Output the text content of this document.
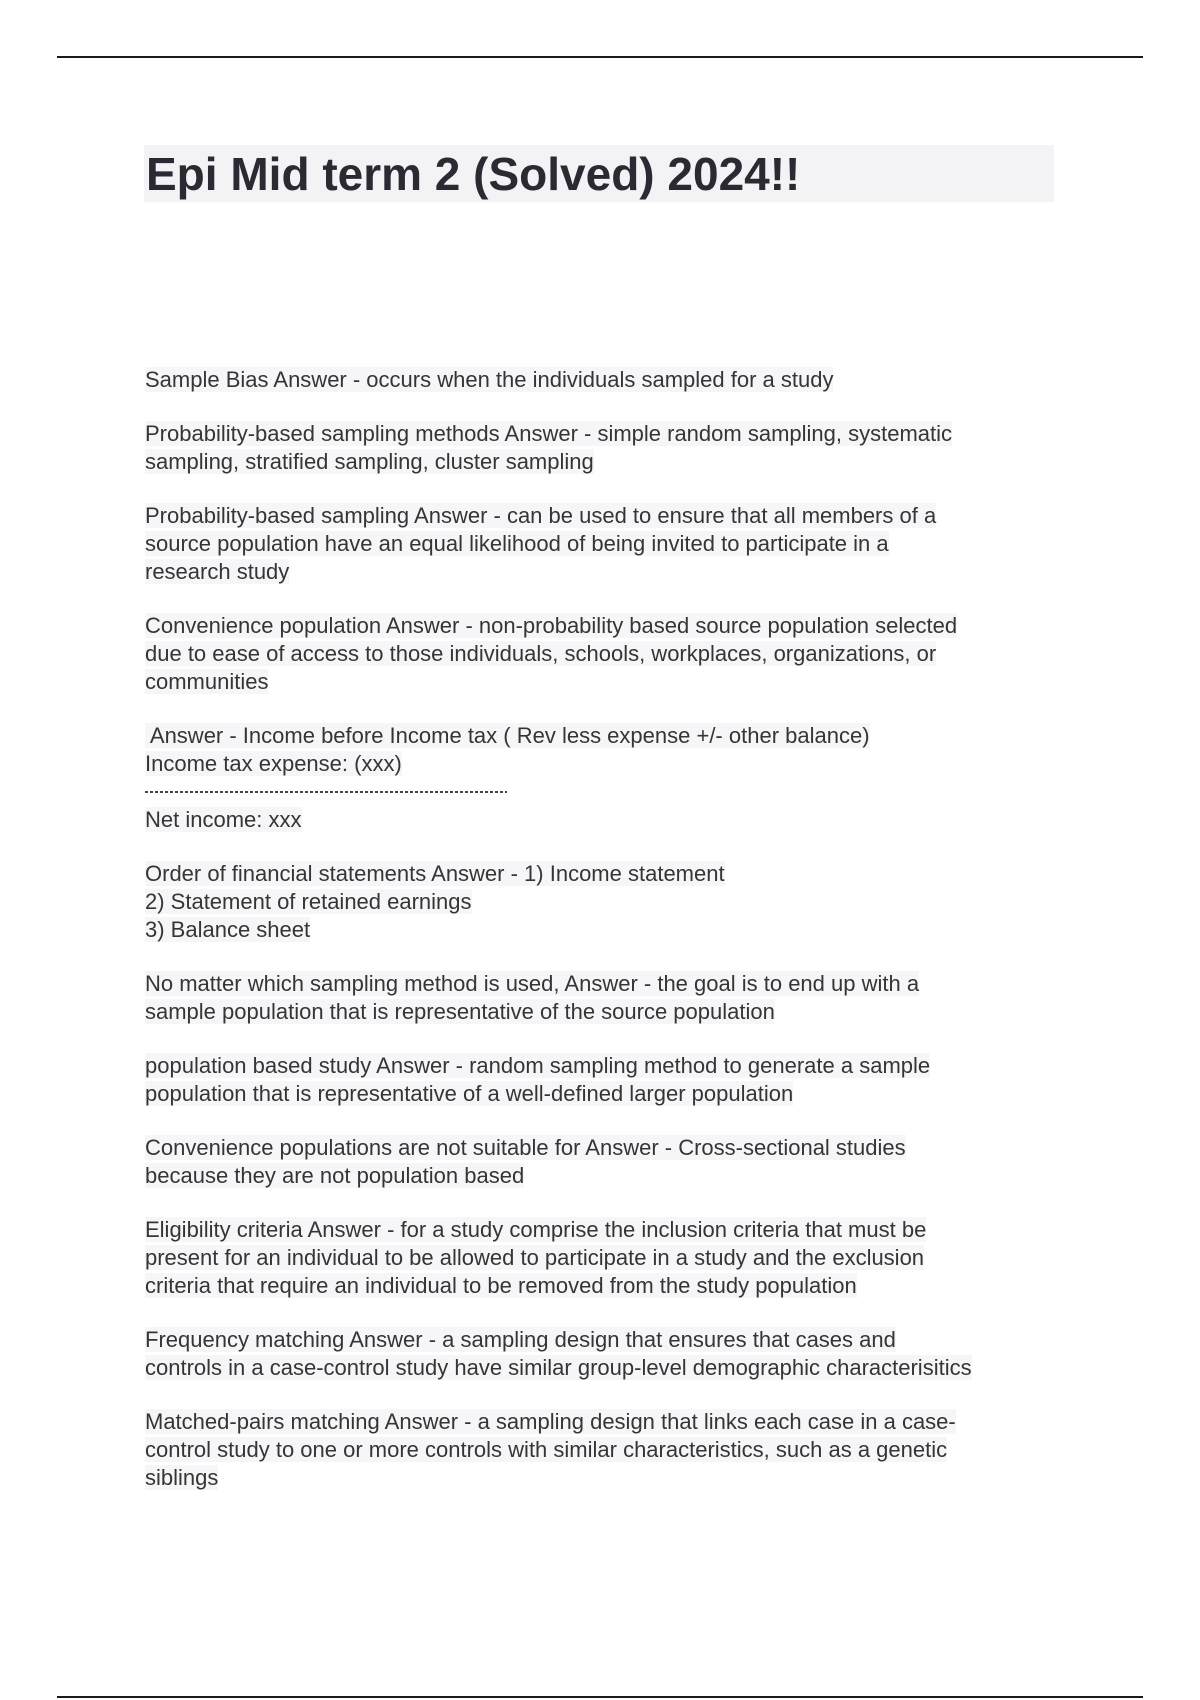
Epi Mid term 2 (Solved) 2024!!
Sample Bias Answer - occurs when the individuals sampled for a study
Probability-based sampling methods Answer - simple random sampling, systematic
sampling, stratified sampling, cluster sampling
Probability-based sampling Answer - can be used to ensure that all members of a
source population have an equal likelihood of being invited to participate in a
research study
Convenience population Answer - non-probability based source population selected
due to ease of access to those individuals, schools, workplaces, organizations, or
communities
Answer - Income before Income tax ( Rev less expense +/- other balance)
Income tax expense: (xxx)
Net income: xxx
Order of financial statements Answer - 1) Income statement
2) Statement of retained earnings
3) Balance sheet
No matter which sampling method is used, Answer - the goal is to end up with a
sample population that is representative of the source population
population based study Answer - random sampling method to generate a sample
population that is representative of a well-defined larger population
Convenience populations are not suitable for Answer - Cross-sectional studies
because they are not population based
Eligibility criteria Answer - for a study comprise the inclusion criteria that must be
present for an individual to be allowed to participate in a study and the exclusion
criteria that require an individual to be removed from the study population
Frequency matching Answer - a sampling design that ensures that cases and
controls in a case-control study have similar group-level demographic characterisitics
Matched-pairs matching Answer - a sampling design that links each case in a case-
control study to one or more controls with similar characteristics, such as a genetic
siblings
